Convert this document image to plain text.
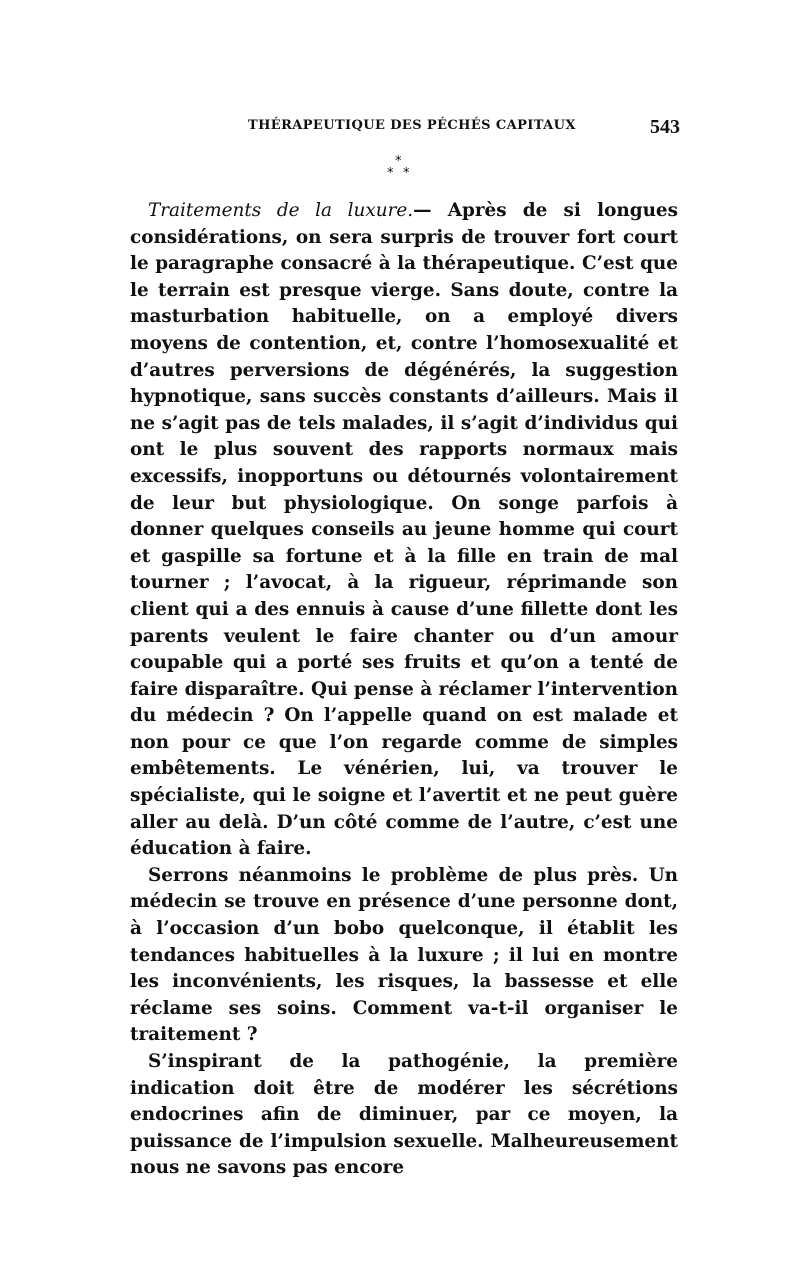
THÉRAPEUTIQUE DES PÉCHÉS CAPITAUX	543
*
* *

Traitements de la luxure.— Après de si longues considérations, on sera surpris de trouver fort court le paragraphe consacré à la thérapeutique. C’est que le terrain est presque vierge. Sans doute, contre la masturbation habituelle, on a employé divers moyens de contention, et, contre l’homosexualité et d’autres perversions de dégénérés, la suggestion hypnotique, sans succès constants d’ailleurs. Mais il ne s’agit pas de tels malades, il s’agit d’individus qui ont le plus souvent des rapports normaux mais excessifs, inopportuns ou détournés volontairement de leur but physiologique. On songe parfois à donner quelques conseils au jeune homme qui court et gaspille sa fortune et à la fille en train de mal tourner ; l’avocat, à la rigueur, réprimande son client qui a des ennuis à cause d’une fillette dont les parents veulent le faire chanter ou d’un amour coupable qui a porté ses fruits et qu’on a tenté de faire disparaître. Qui pense à réclamer l’intervention du médecin ? On l’appelle quand on est malade et non pour ce que l’on regarde comme de simples embêtements. Le vénérien, lui, va trouver le spécialiste, qui le soigne et l’avertit et ne peut guère aller au delà. D’un côté comme de l’autre, c’est une éducation à faire.

Serrons néanmoins le problème de plus près. Un médecin se trouve en présence d’une personne dont, à l’occasion d’un bobo quelconque, il établit les tendances habituelles à la luxure ; il lui en montre les inconvénients, les risques, la bassesse et elle réclame ses soins. Comment va-t-il organiser le traitement ?

S’inspirant de la pathogénie, la première indication doit être de modérer les sécrétions endocrines afin de diminuer, par ce moyen, la puissance de l’impulsion sexuelle. Malheureusement nous ne savons pas encore
